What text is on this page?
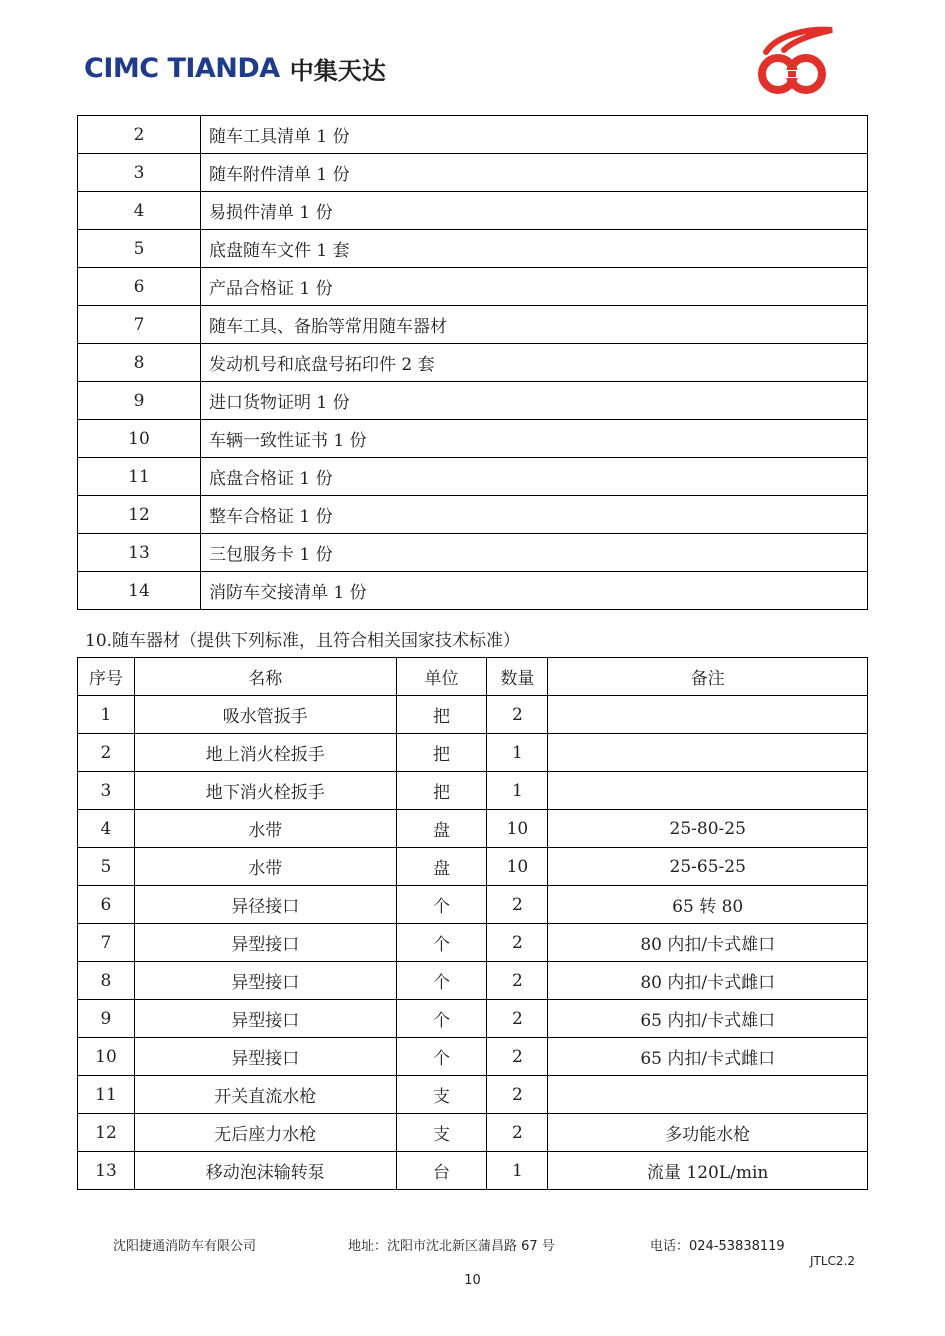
CIMC TIANDA 中集天达
2	随车工具清单 1 份
3	随车附件清单 1 份
4	易损件清单 1 份
5	底盘随车文件 1 套
6	产品合格证 1 份
7	随车工具、备胎等常用随车器材
8	发动机号和底盘号拓印件 2 套
9	进口货物证明 1 份
10	车辆一致性证书 1 份
11	底盘合格证 1 份
12	整车合格证 1 份
13	三包服务卡 1 份
14	消防车交接清单 1 份
10.随车器材（提供下列标准，且符合相关国家技术标准）
序号	名称	单位	数量	备注
1	吸水管扳手	把	2	
2	地上消火栓扳手	把	1	
3	地下消火栓扳手	把	1	
4	水带	盘	10	25-80-25
5	水带	盘	10	25-65-25
6	异径接口	个	2	65 转 80
7	异型接口	个	2	80 内扣/卡式雄口
8	异型接口	个	2	80 内扣/卡式雌口
9	异型接口	个	2	65 内扣/卡式雄口
10	异型接口	个	2	65 内扣/卡式雌口
11	开关直流水枪	支	2	
12	无后座力水枪	支	2	多功能水枪
13	移动泡沫输转泵	台	1	流量 120L/min
沈阳捷通消防车有限公司	地址：沈阳市沈北新区蒲昌路 67 号	电话：024-53838119
JTLC2.2
10
